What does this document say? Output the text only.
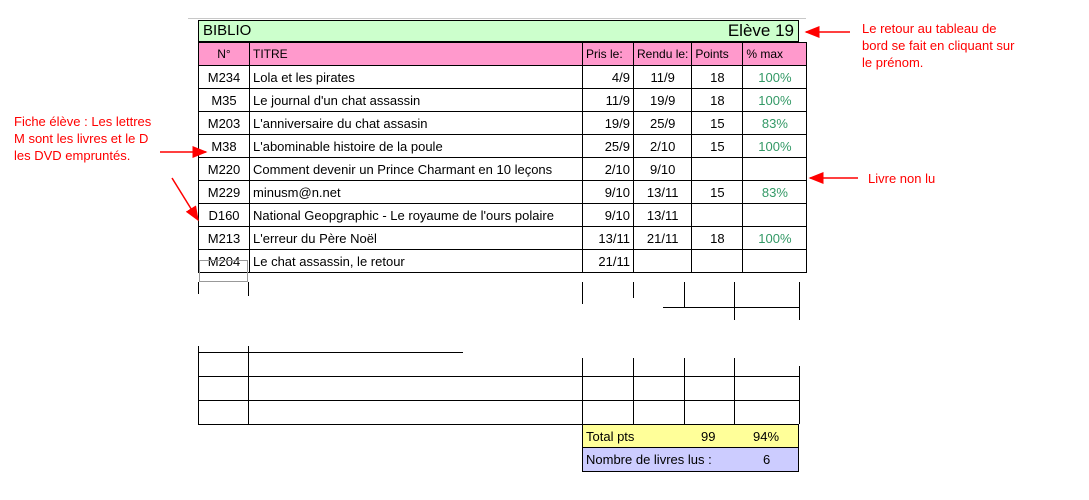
BIBLIO	Elève 19
N°	TITRE	Pris le:	Rendu le:	Points	% max
M234	Lola et les pirates	4/9	11/9	18	100%
M35	Le journal d'un chat assassin	11/9	19/9	18	100%
M203	L'anniversaire du chat assasin	19/9	25/9	15	83%
M38	L'abominable histoire de la poule	25/9	2/10	15	100%
M220	Comment devenir un Prince Charmant en 10 leçons	2/10	9/10		
M229	minusm@n.net	9/10	13/11	15	83%
D160	National Geopgraphic - Le royaume de l'ours polaire	9/10	13/11		
M213	L'erreur du Père Noël	13/11	21/11	18	100%
M204	Le chat assassin, le retour	21/11			
Total pts	99	94%
Nombre de livres lus :	6
Fiche élève : Les lettres
M sont les livres et le D
les DVD empruntés.
Le retour au tableau de
bord se fait en cliquant sur
le prénom.
Livre non lu
